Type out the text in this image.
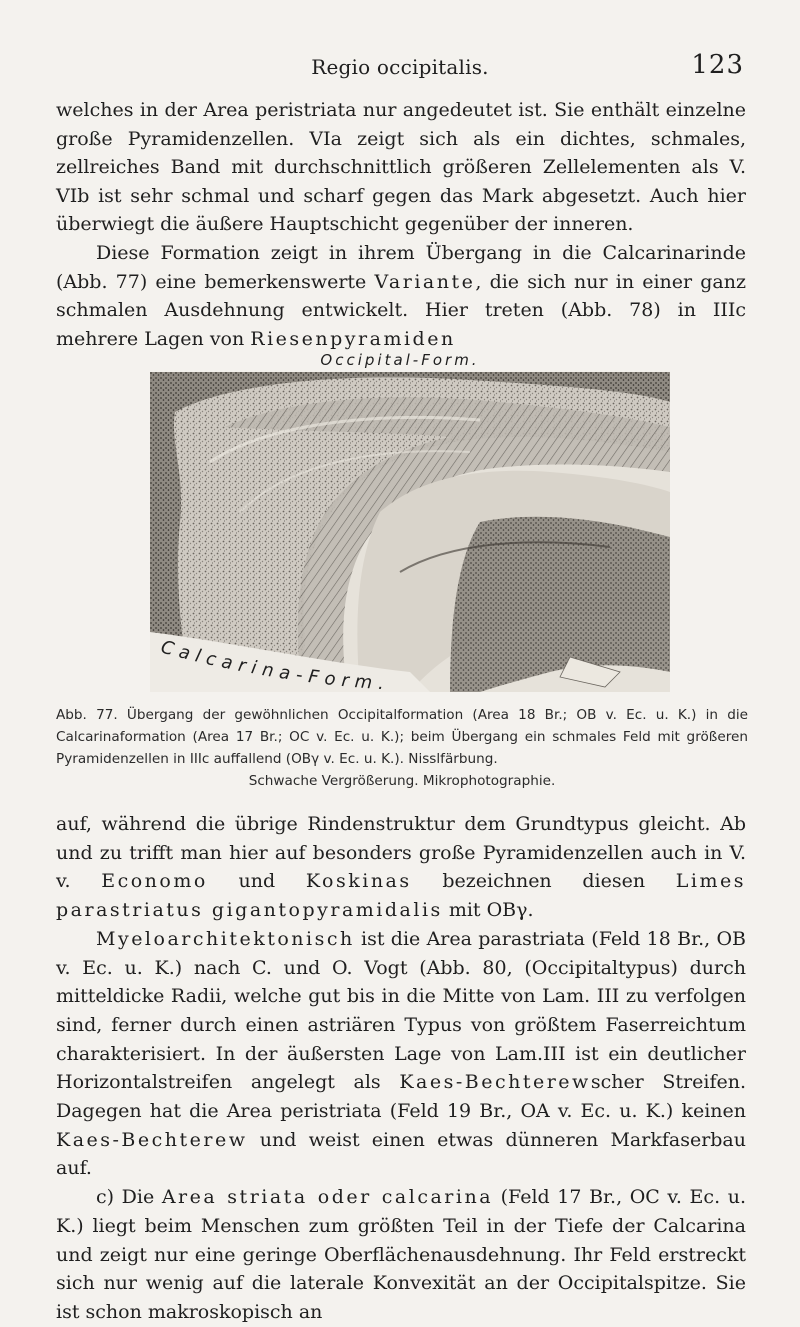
Regio occipitalis.	123

welches in der Area peristriata nur angedeutet ist. Sie enthält einzelne große Pyramidenzellen. VIa zeigt sich als ein dichtes, schmales, zellreiches Band mit durchschnittlich größeren Zellelementen als V. VIb ist sehr schmal und scharf gegen das Mark abgesetzt. Auch hier überwiegt die äußere Hauptschicht gegenüber der inneren.

Diese Formation zeigt in ihrem Übergang in die Calcarinarinde (Abb. 77) eine bemerkenswerte Variante, die sich nur in einer ganz schmalen Ausdehnung entwickelt. Hier treten (Abb. 78) in IIIc mehrere Lagen von Riesenpyramiden

Occipital-Form.
Calcarina-Form.
Abb. 77. Übergang der gewöhnlichen Occipitalformation (Area 18 Br.; OB v. Ec. u. K.) in die Calcarinaformation (Area 17 Br.; OC v. Ec. u. K.); beim Übergang ein schmales Feld mit größeren Pyramidenzellen in IIIc auffallend (OBγ v. Ec. u. K.). Nisslfärbung.
Schwache Vergrößerung. Mikrophotographie.

auf, während die übrige Rindenstruktur dem Grundtypus gleicht. Ab und zu trifft man hier auf besonders große Pyramidenzellen auch in V. v. Economo und Koskinas bezeichnen diesen Limes parastriatus gigantopyramidalis mit OBγ.

Myeloarchitektonisch ist die Area parastriata (Feld 18 Br., OB v. Ec. u. K.) nach C. und O. Vogt (Abb. 80, (Occipitaltypus) durch mitteldicke Radii, welche gut bis in die Mitte von Lam. III zu verfolgen sind, ferner durch einen astriären Typus von größtem Faserreichtum charakterisiert. In der äußersten Lage von Lam.III ist ein deutlicher Horizontalstreifen angelegt als Kaes-Bechterewscher Streifen. Dagegen hat die Area peristriata (Feld 19 Br., OA v. Ec. u. K.) keinen Kaes-Bechterew und weist einen etwas dünneren Markfaserbau auf.

c) Die Area striata oder calcarina (Feld 17 Br., OC v. Ec. u. K.) liegt beim Menschen zum größten Teil in der Tiefe der Calcarina und zeigt nur eine geringe Oberflächenausdehnung. Ihr Feld erstreckt sich nur wenig auf die laterale Konvexität an der Occipitalspitze. Sie ist schon makroskopisch an
